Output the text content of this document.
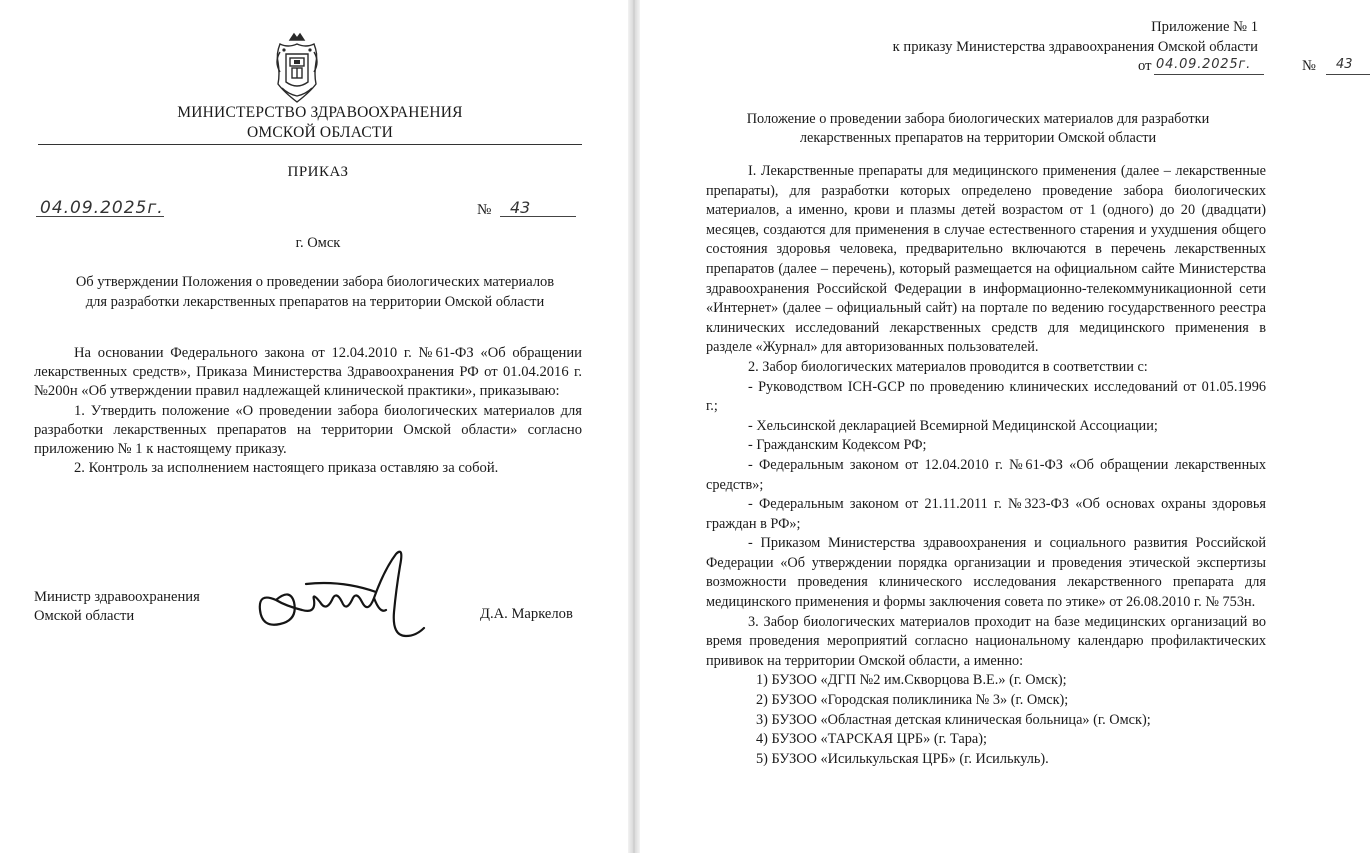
МИНИСТЕРСТВО ЗДРАВООХРАНЕНИЯ
ОМСКОЙ ОБЛАСТИ
ПРИКАЗ
04.09.2025г.	№ 43
г. Омск
Об утверждении Положения о проведении забора биологических материалов
для разработки лекарственных препаратов на территории Омской области

На основании Федерального закона от 12.04.2010 г. №61-ФЗ «Об обращении лекарственных средств», Приказа Министерства Здравоохранения РФ от 01.04.2016 г. №200н «Об утверждении правил надлежащей клинической практики», приказываю:

1. Утвердить положение «О проведении забора биологических материалов для разработки лекарственных препаратов на территории Омской области» согласно приложению № 1 к настоящему приказу.

2. Контроль за исполнением настоящего приказа оставляю за собой.

Министр здравоохранения
Омской области	Д.А. Маркелов
Приложение № 1
к приказу Министерства здравоохранения Омской области
от 04.09.2025г.	№ 43
Положение о проведении забора биологических материалов для разработки
лекарственных препаратов на территории Омской области

I. Лекарственные препараты для медицинского применения (далее – лекарственные препараты), для разработки которых определено проведение забора биологических материалов, а именно, крови и плазмы детей возрастом от 1 (одного) до 20 (двадцати) месяцев, создаются для применения в случае естественного старения и ухудшения общего состояния здоровья человека, предварительно включаются в перечень лекарственных препаратов (далее – перечень), который размещается на официальном сайте Министерства здравоохранения Российской Федерации в информационно-телекоммуникационной сети «Интернет» (далее – официальный сайт) на портале по ведению государственного реестра клинических исследований лекарственных средств для медицинского применения в разделе «Журнал» для авторизованных пользователей.

2. Забор биологических материалов проводится в соответствии с:

- Руководством ICH-GCP по проведению клинических исследований от 01.05.1996 г.;

- Хельсинской декларацией Всемирной Медицинской Ассоциации;

- Гражданским Кодексом РФ;

- Федеральным законом от 12.04.2010 г. №61-ФЗ «Об обращении лекарственных средств»;

- Федеральным законом от 21.11.2011 г. №323-ФЗ «Об основах охраны здоровья граждан в РФ»;

- Приказом Министерства здравоохранения и социального развития Российской Федерации «Об утверждении порядка организации и проведения этической экспертизы возможности проведения клинического исследования лекарственного препарата для медицинского применения и формы заключения совета по этике» от 26.08.2010 г. № 753н.

3. Забор биологических материалов проходит на базе медицинских организаций во время проведения мероприятий согласно национальному календарю профилактических прививок на территории Омской области, а именно:

1) БУЗОО «ДГП №2 им.Скворцова В.Е.» (г. Омск);

2) БУЗОО «Городская поликлиника № 3» (г. Омск);

3) БУЗОО «Областная детская клиническая больница» (г. Омск);

4) БУЗОО «ТАРСКАЯ ЦРБ» (г. Тара);

5) БУЗОО «Исилькульская ЦРБ» (г. Исилькуль).
